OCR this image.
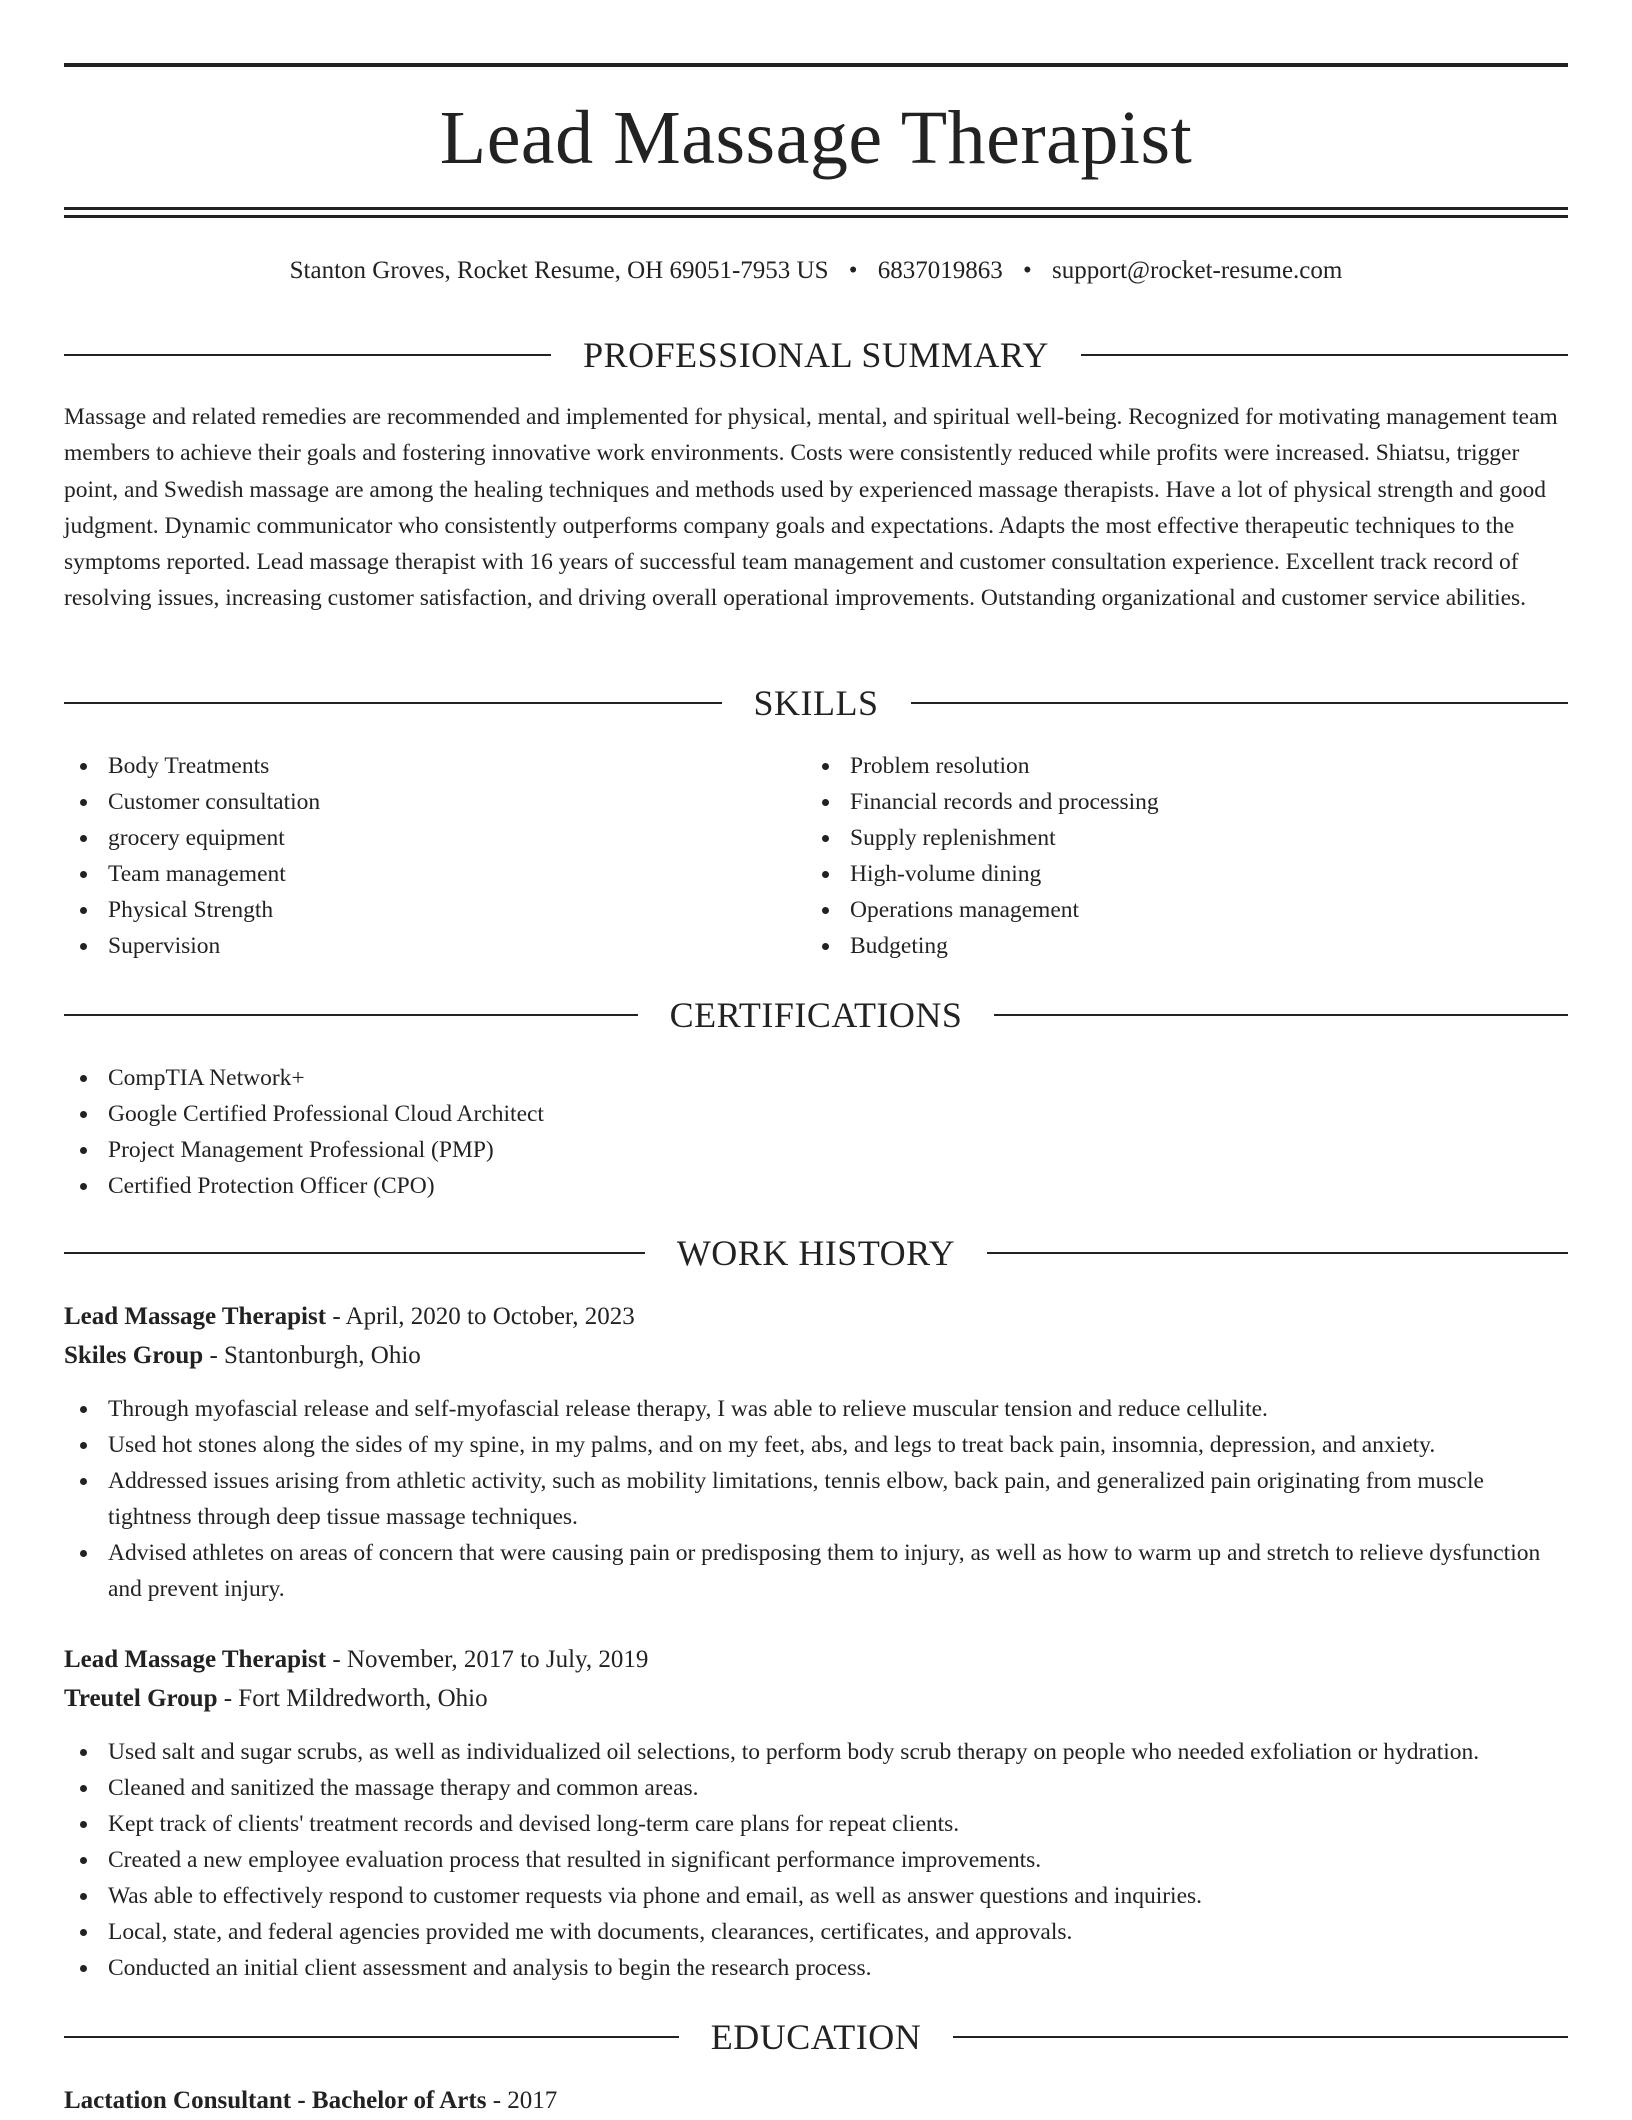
Lead Massage Therapist
Stanton Groves, Rocket Resume, OH 69051-7953 US • 6837019863 • support@rocket-resume.com
PROFESSIONAL SUMMARY

Massage and related remedies are recommended and implemented for physical, mental, and spiritual well-being. Recognized for motivating management team members to achieve their goals and fostering innovative work environments. Costs were consistently reduced while profits were increased. Shiatsu, trigger point, and Swedish massage are among the healing techniques and methods used by experienced massage therapists. Have a lot of physical strength and good judgment. Dynamic communicator who consistently outperforms company goals and expectations. Adapts the most effective therapeutic techniques to the symptoms reported. Lead massage therapist with 16 years of successful team management and customer consultation experience. Excellent track record of resolving issues, increasing customer satisfaction, and driving overall operational improvements. Outstanding organizational and customer service abilities.

SKILLS
Body Treatments
Customer consultation
grocery equipment
Team management
Physical Strength
Supervision
Problem resolution
Financial records and processing
Supply replenishment
High-volume dining
Operations management
Budgeting
CERTIFICATIONS
CompTIA Network+
Google Certified Professional Cloud Architect
Project Management Professional (PMP)
Certified Protection Officer (CPO)
WORK HISTORY
Lead Massage Therapist - April, 2020 to October, 2023
Skiles Group - Stantonburgh, Ohio
Through myofascial release and self-myofascial release therapy, I was able to relieve muscular tension and reduce cellulite.
Used hot stones along the sides of my spine, in my palms, and on my feet, abs, and legs to treat back pain, insomnia, depression, and anxiety.
Addressed issues arising from athletic activity, such as mobility limitations, tennis elbow, back pain, and generalized pain originating from muscle tightness through deep tissue massage techniques.
Advised athletes on areas of concern that were causing pain or predisposing them to injury, as well as how to warm up and stretch to relieve dysfunction and prevent injury.
Lead Massage Therapist - November, 2017 to July, 2019
Treutel Group - Fort Mildredworth, Ohio
Used salt and sugar scrubs, as well as individualized oil selections, to perform body scrub therapy on people who needed exfoliation or hydration.
Cleaned and sanitized the massage therapy and common areas.
Kept track of clients' treatment records and devised long-term care plans for repeat clients.
Created a new employee evaluation process that resulted in significant performance improvements.
Was able to effectively respond to customer requests via phone and email, as well as answer questions and inquiries.
Local, state, and federal agencies provided me with documents, clearances, certificates, and approvals.
Conducted an initial client assessment and analysis to begin the research process.
EDUCATION
Lactation Consultant - Bachelor of Arts - 2017
